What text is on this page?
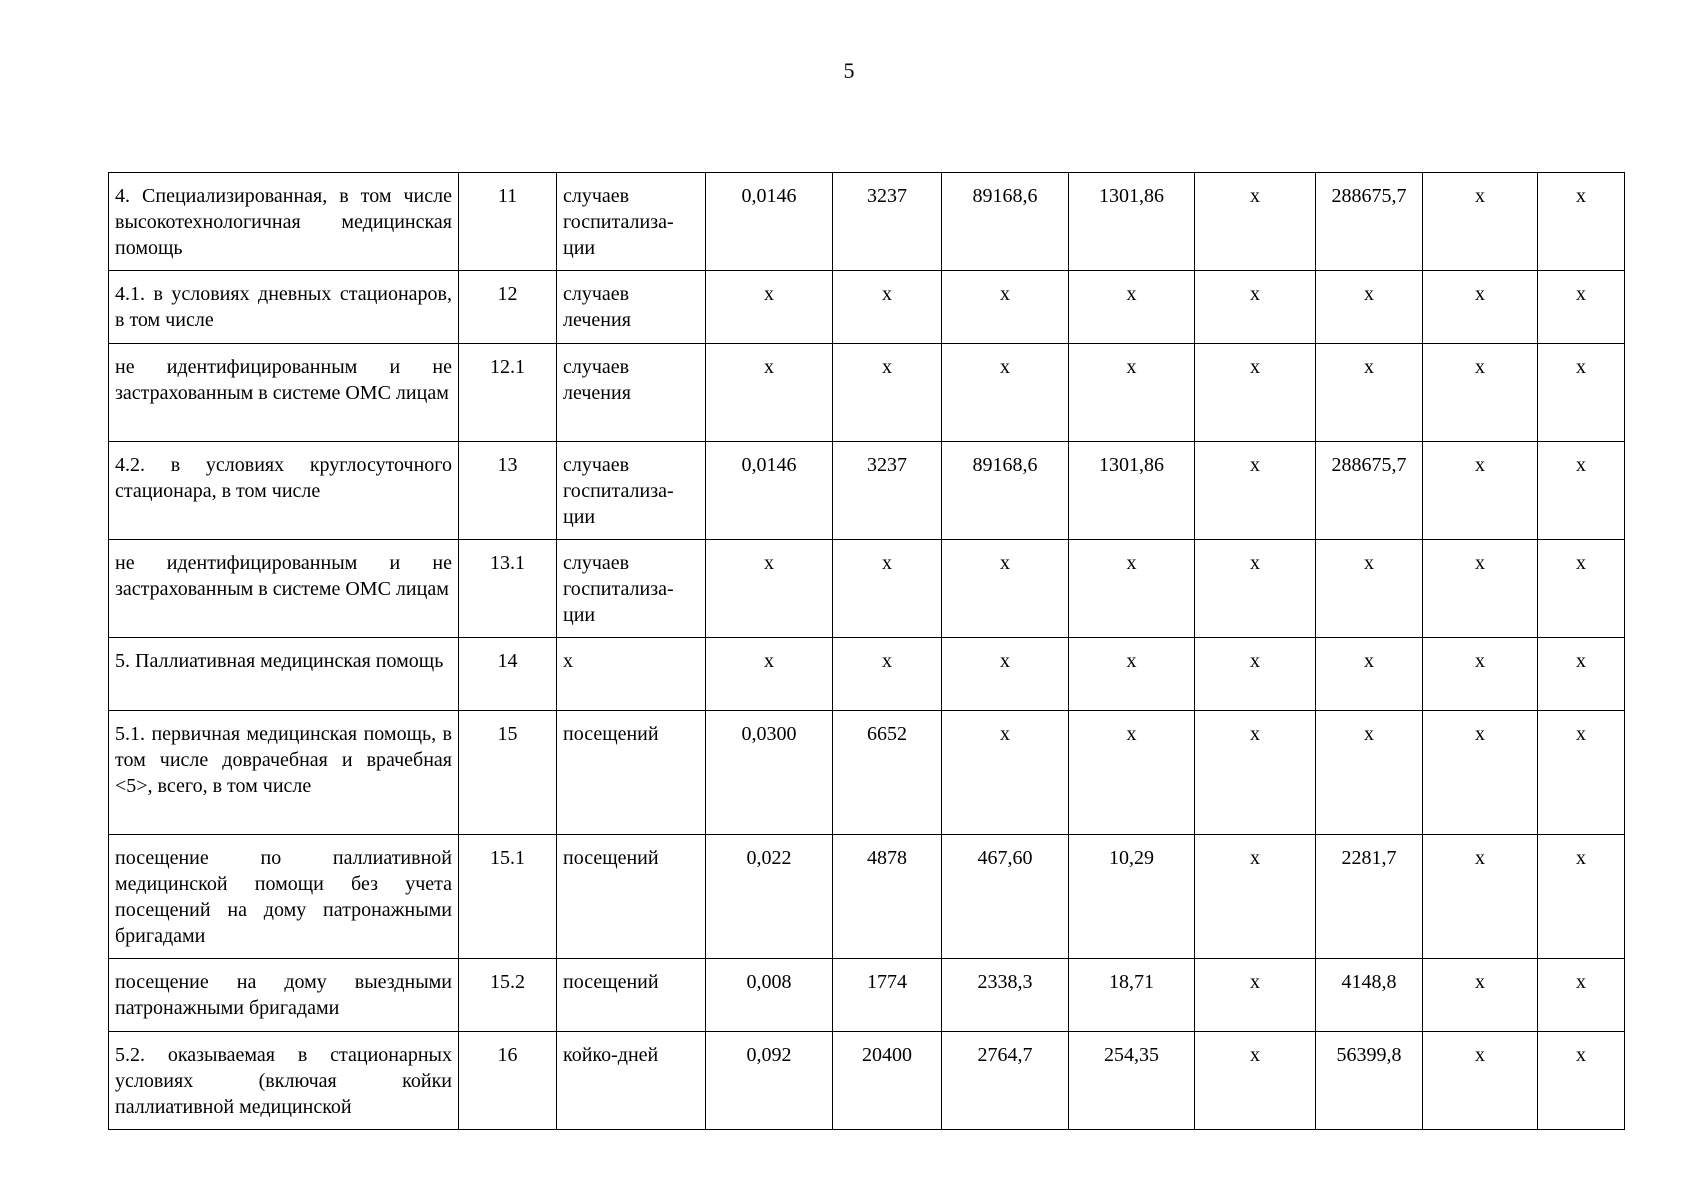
5
4. Специализированная, в том числе высокотехнологичная медицинская помощь	11	случаев госпитализа-ции	0,0146	3237	89168,6	1301,86	х	288675,7	х	х
4.1. в условиях дневных стационаров, в том числе	12	случаев лечения	х	х	х	х	х	х	х	х
не идентифицированным и не застрахованным в системе ОМС лицам	12.1	случаев лечения	х	х	х	х	х	х	х	х
4.2. в условиях круглосуточного стационара, в том числе	13	случаев госпитализа-ции	0,0146	3237	89168,6	1301,86	х	288675,7	х	х
не идентифицированным и не застрахованным в системе ОМС лицам	13.1	случаев госпитализа-ции	х	х	х	х	х	х	х	х
5. Паллиативная медицинская помощь	14	х	х	х	х	х	х	х	х	х
5.1. первичная медицинская помощь, в том числе доврачебная и врачебная <5>, всего, в том числе	15	посещений	0,0300	6652	х	х	х	х	х	х
посещение по паллиативной медицинской помощи без учета посещений на дому патронажными бригадами	15.1	посещений	0,022	4878	467,60	10,29	х	2281,7	х	х
посещение на дому выездными патронажными бригадами	15.2	посещений	0,008	1774	2338,3	18,71	х	4148,8	х	х
5.2. оказываемая в стационарных условиях (включая койки паллиативной медицинской	16	койко-дней	0,092	20400	2764,7	254,35	х	56399,8	х	х
